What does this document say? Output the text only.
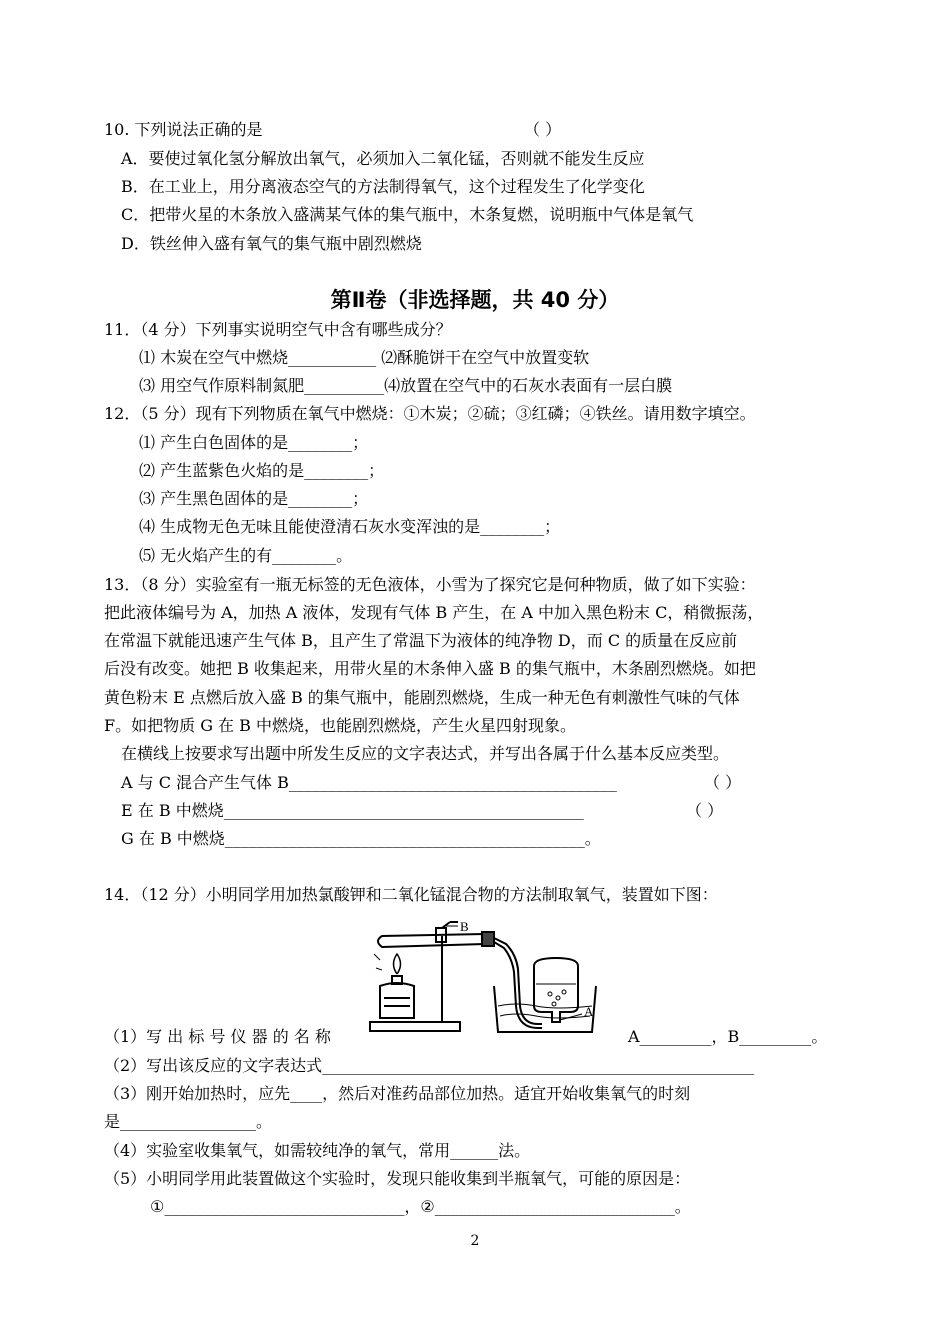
10. 下列说法正确的是	（ ）
A．要使过氧化氢分解放出氧气，必须加入二氧化锰，否则就不能发生反应
B．在工业上，用分离液态空气的方法制得氧气，这个过程发生了化学变化
C．把带火星的木条放入盛满某气体的集气瓶中，木条复燃，说明瓶中气体是氧气
D．铁丝伸入盛有氧气的集气瓶中剧烈燃烧
第Ⅱ卷（非选择题，共 40 分）
11．（4 分）下列事实说明空气中含有哪些成分？
⑴ 木炭在空气中燃烧___________ ⑵酥脆饼干在空气中放置变软
⑶ 用空气作原料制氮肥__________⑷放置在空气中的石灰水表面有一层白膜
12．（5 分）现有下列物质在氧气中燃烧：①木炭；②硫；③红磷；④铁丝。请用数字填空。
⑴ 产生白色固体的是________；
⑵ 产生蓝紫色火焰的是________；
⑶ 产生黑色固体的是________；
⑷ 生成物无色无味且能使澄清石灰水变浑浊的是________；
⑸ 无火焰产生的有________。
13．（8 分）实验室有一瓶无标签的无色液体，小雪为了探究它是何种物质，做了如下实验：
把此液体编号为 A，加热 A 液体，发现有气体 B 产生，在 A 中加入黑色粉末 C，稍微振荡，
在常温下就能迅速产生气体 B，且产生了常温下为液体的纯净物 D，而 C 的质量在反应前
后没有改变。她把 B 收集起来，用带火星的木条伸入盛 B 的集气瓶中，木条剧烈燃烧。如把
黄色粉末 E 点燃后放入盛 B 的集气瓶中，能剧烈燃烧，生成一种无色有刺激性气味的气体
F。如把物质 G 在 B 中燃烧，也能剧烈燃烧，产生火星四射现象。
在横线上按要求写出题中所发生反应的文字表达式，并写出各属于什么基本反应类型。
A 与 C 混合产生气体 B_________________________________________	（ ）
E 在 B 中燃烧_____________________________________________	（ ）
G 在 B 中燃烧_____________________________________________。
14．（12 分）小明同学用加热氯酸钾和二氧化锰混合物的方法制取氧气，装置如下图：
B
A
（1）写 出 标 号 仪 器 的 名 称	A_________，B_________。
（2）写出该反应的文字表达式______________________________________________________
（3）刚开始加热时，应先____，然后对准药品部位加热。适宜开始收集氧气的时刻
是_________________。
（4）实验室收集氧气，如需较纯净的氧气，常用______法。
（5）小明同学用此装置做这个实验时，发现只能收集到半瓶氧气，可能的原因是：
①______________________________，②______________________________。
2
